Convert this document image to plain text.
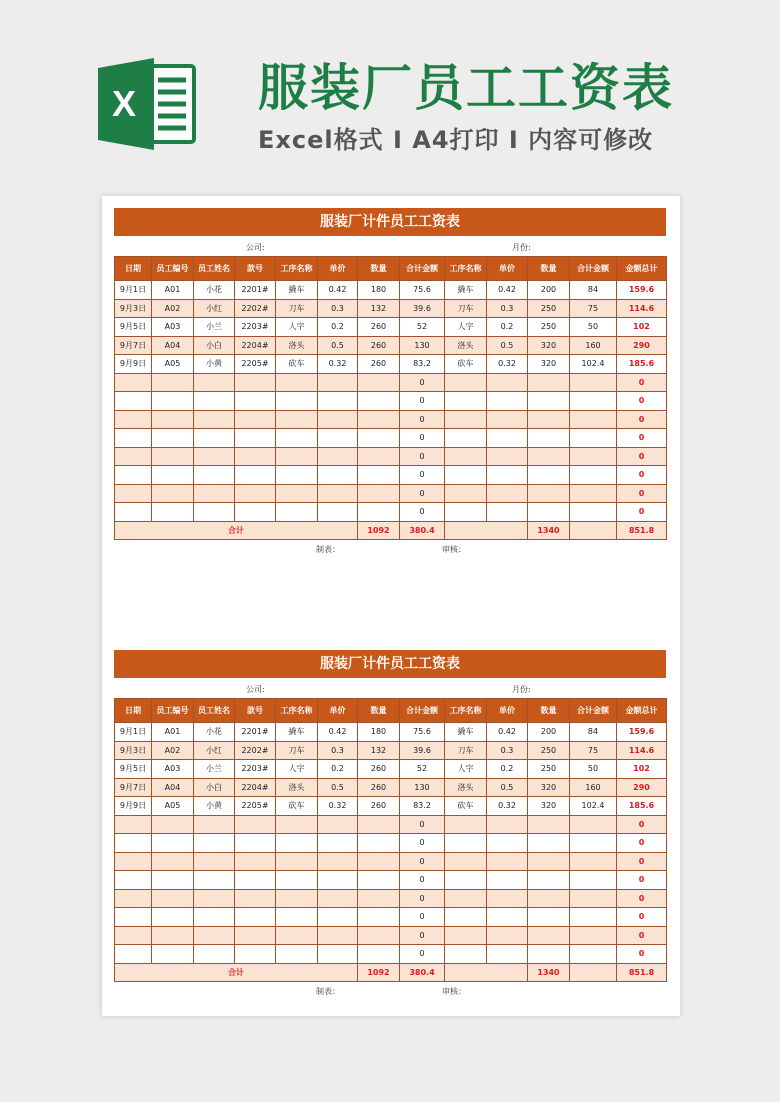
X 服装厂员工工资表
Excel格式 I A4打印 I 内容可修改
服装厂计件员工工资表
公司:	月份:
日期	员工编号	员工姓名	款号	工序名称	单价	数量	合计金额	工序名称	单价	数量	合计金额	金额总计
9月1日	A01	小花	2201#	撬车	0.42	180	75.6	撬车	0.42	200	84	159.6
9月3日	A02	小红	2202#	刀车	0.3	132	39.6	刀车	0.3	250	75	114.6
9月5日	A03	小兰	2203#	人字	0.2	260	52	人字	0.2	250	50	102
9月7日	A04	小白	2204#	洛头	0.5	260	130	洛头	0.5	320	160	290
9月9日	A05	小黄	2205#	砍车	0.32	260	83.2	砍车	0.32	320	102.4	185.6
							0					0
							0					0
							0					0
							0					0
							0					0
							0					0
							0					0
							0					0
合计						1092	380.4			1340		851.8
制表：	审核：
服装厂计件员工工资表
公司:	月份:
日期	员工编号	员工姓名	款号	工序名称	单价	数量	合计金额	工序名称	单价	数量	合计金额	金额总计
9月1日	A01	小花	2201#	撬车	0.42	180	75.6	撬车	0.42	200	84	159.6
9月3日	A02	小红	2202#	刀车	0.3	132	39.6	刀车	0.3	250	75	114.6
9月5日	A03	小兰	2203#	人字	0.2	260	52	人字	0.2	250	50	102
9月7日	A04	小白	2204#	洛头	0.5	260	130	洛头	0.5	320	160	290
9月9日	A05	小黄	2205#	砍车	0.32	260	83.2	砍车	0.32	320	102.4	185.6
							0					0
							0					0
							0					0
							0					0
							0					0
							0					0
							0					0
							0					0
合计						1092	380.4			1340		851.8
制表：	审核：
